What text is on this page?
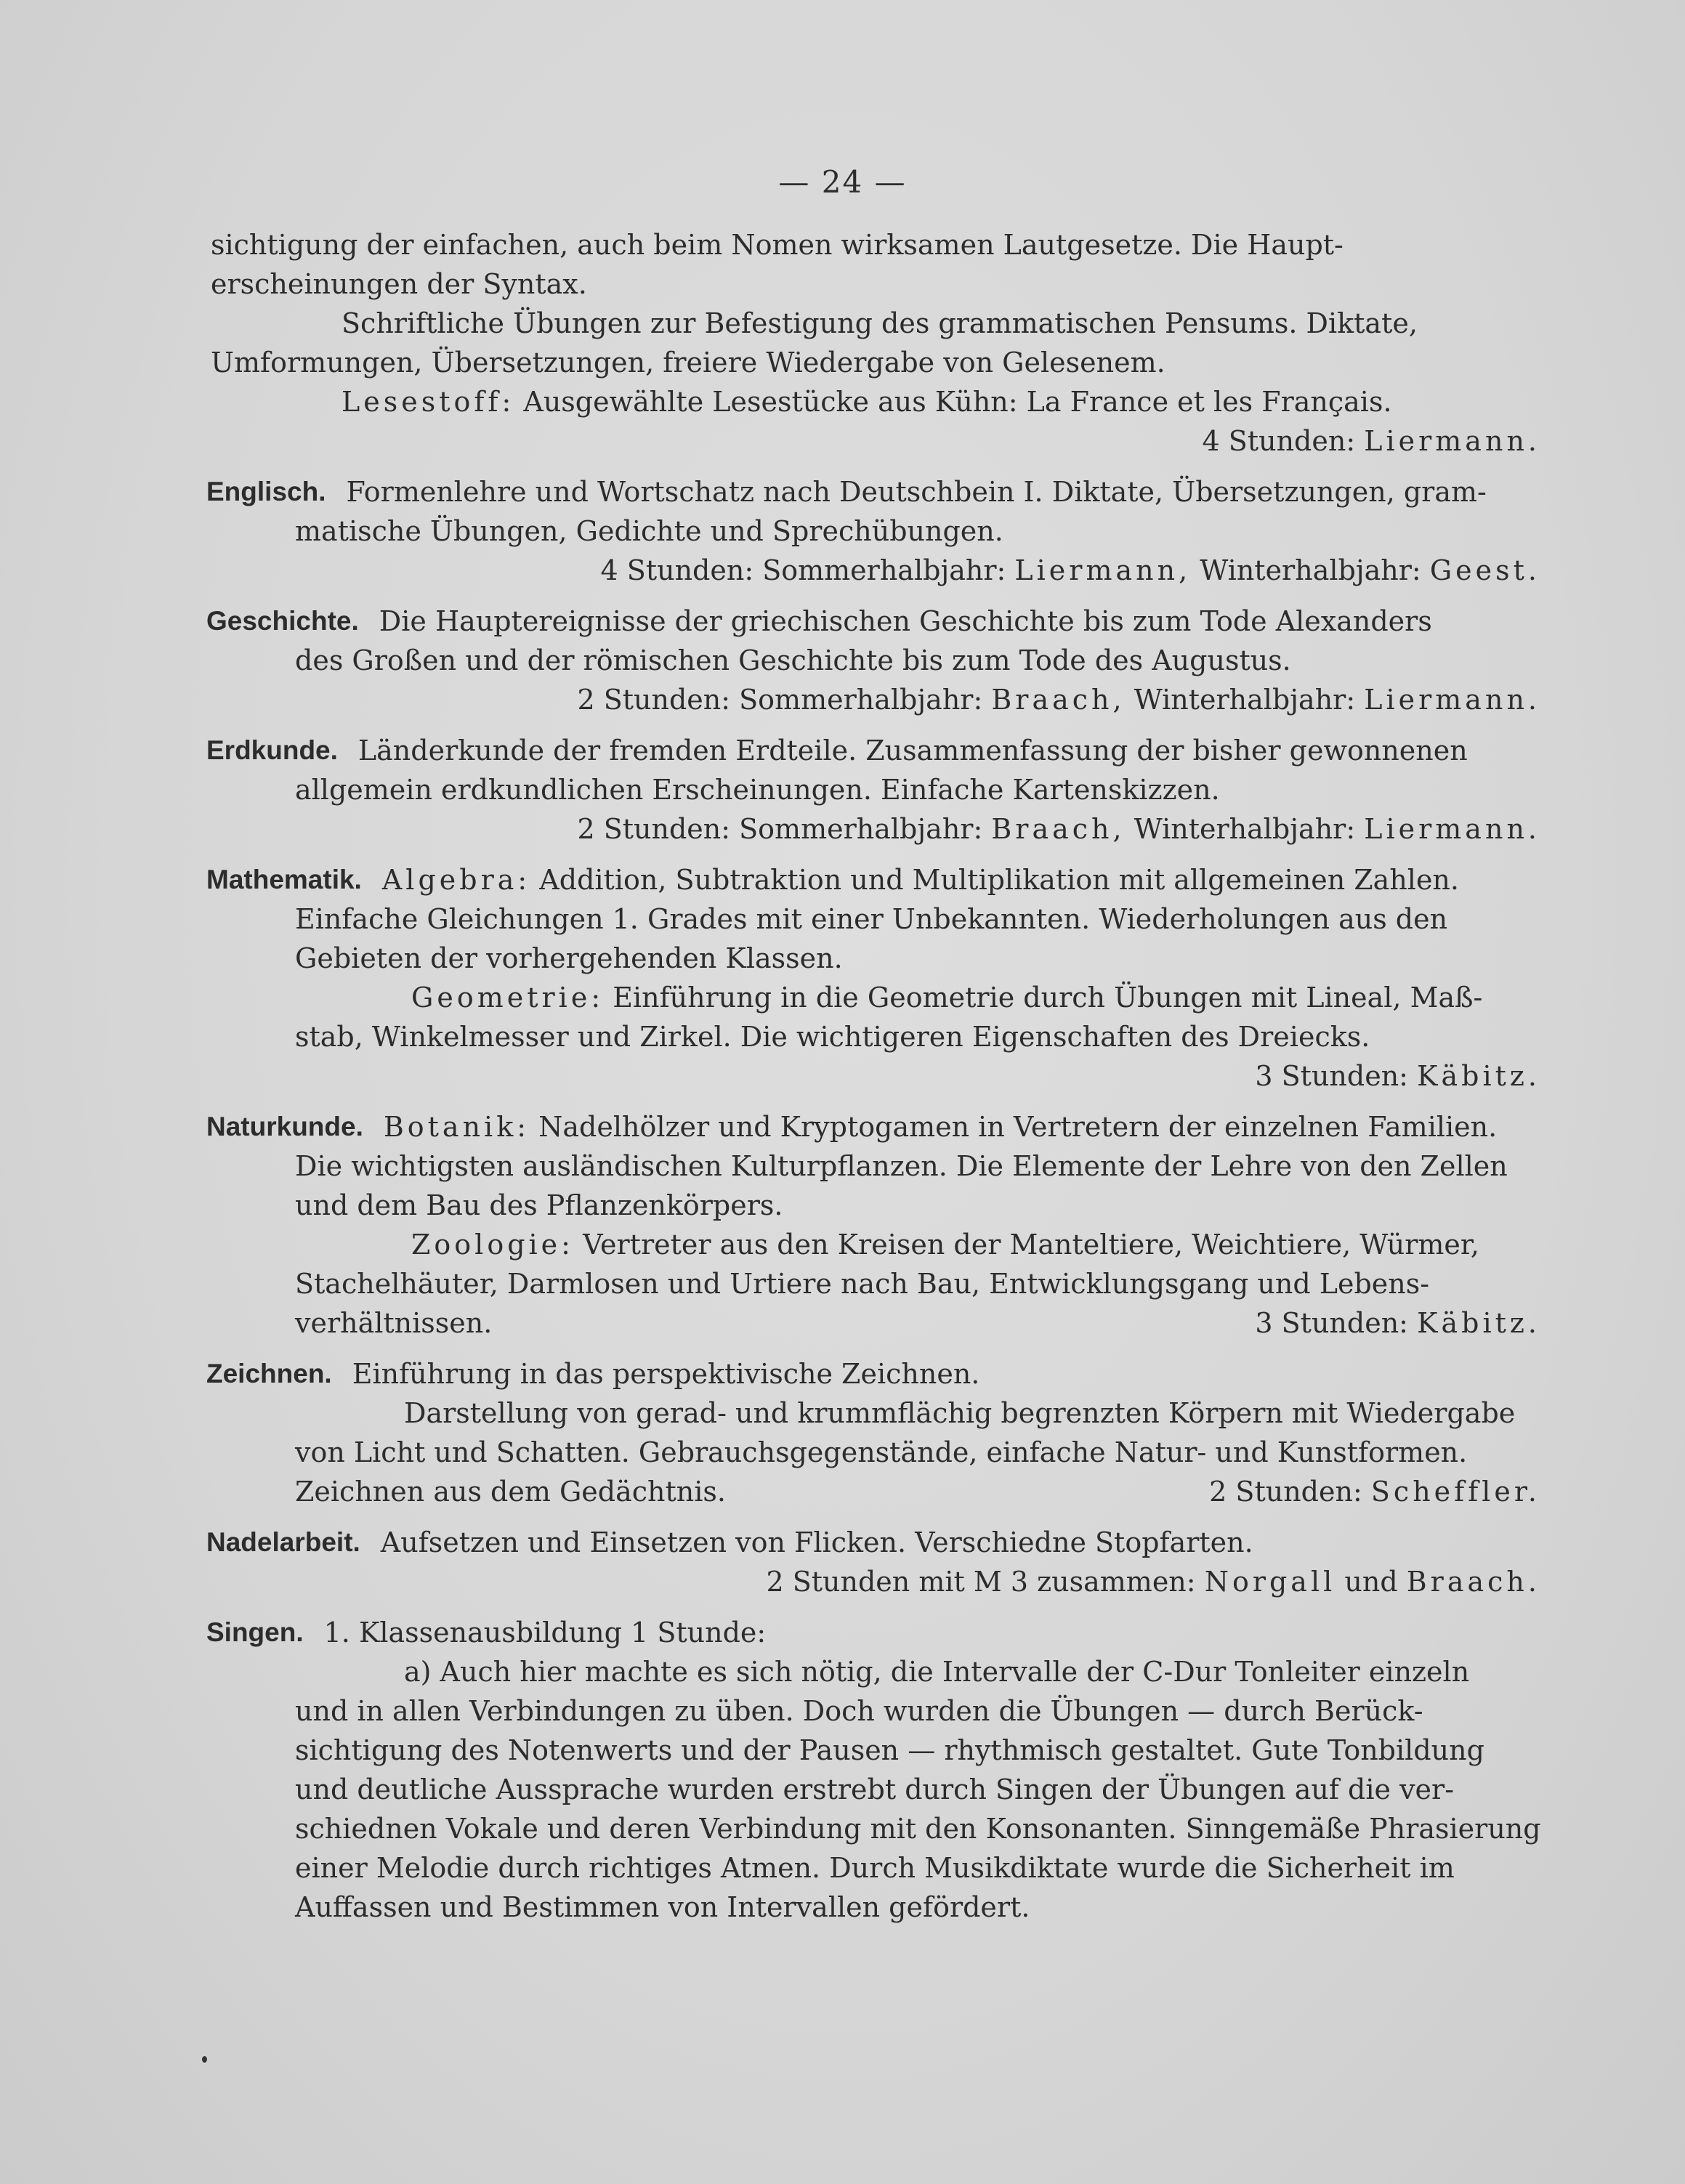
— 24 —
sichtigung der einfachen, auch beim Nomen wirksamen Lautgesetze. Die Haupt-
erscheinungen der Syntax.
Schriftliche Übungen zur Befestigung des grammatischen Pensums. Diktate,
Umformungen, Übersetzungen, freiere Wiedergabe von Gelesenem.
Lesestoff:
Ausgewählte Lesestücke aus Kühn: La France et les Français.
4 Stunden:
Liermann.
Englisch. Formenlehre und Wortschatz nach Deutschbein I. Diktate, Übersetzungen, gram-
matische Übungen, Gedichte und Sprechübungen.
4 Stunden: Sommerhalbjahr:
Liermann,
Winterhalbjahr:
Geest.
Geschichte. Die Hauptereignisse der griechischen Geschichte bis zum Tode Alexanders
des Großen und der römischen Geschichte bis zum Tode des Augustus.
2 Stunden: Sommerhalbjahr:
Braach,
Winterhalbjahr:
Liermann.
Erdkunde. Länderkunde der fremden Erdteile. Zusammenfassung der bisher gewonnenen
allgemein erdkundlichen Erscheinungen. Einfache Kartenskizzen.
2 Stunden: Sommerhalbjahr:
Braach,
Winterhalbjahr:
Liermann.
Mathematik. Algebra:
Addition, Subtraktion und Multiplikation mit allgemeinen Zahlen.
Einfache Gleichungen 1. Grades mit einer Unbekannten. Wiederholungen aus den
Gebieten der vorhergehenden Klassen.
Geometrie:
Einführung in die Geometrie durch Übungen mit Lineal, Maß-
stab, Winkelmesser und Zirkel. Die wichtigeren Eigenschaften des Dreiecks.
3 Stunden:
Käbitz.
Naturkunde. Botanik:
Nadelhölzer und Kryptogamen in Vertretern der einzelnen Familien.
Die wichtigsten ausländischen Kulturpflanzen. Die Elemente der Lehre von den Zellen
und dem Bau des Pflanzenkörpers.
Zoologie:
Vertreter aus den Kreisen der Manteltiere, Weichtiere, Würmer,
Stachelhäuter, Darmlosen und Urtiere nach Bau, Entwicklungsgang und Lebens-
verhältnissen.	3 Stunden: Käbitz.
Zeichnen. Einführung in das perspektivische Zeichnen.
Darstellung von gerad- und krummflächig begrenzten Körpern mit Wiedergabe
von Licht und Schatten. Gebrauchsgegenstände, einfache Natur- und Kunstformen.
Zeichnen aus dem Gedächtnis.	2 Stunden: Scheffler.
Nadelarbeit. Aufsetzen und Einsetzen von Flicken. Verschiedne Stopfarten.
2 Stunden mit M 3 zusammen:
Norgall
und
Braach.
Singen. 1. Klassenausbildung 1 Stunde:
a) Auch hier machte es sich nötig, die Intervalle der C-Dur Tonleiter einzeln
und in allen Verbindungen zu üben. Doch wurden die Übungen — durch Berück-
sichtigung des Notenwerts und der Pausen — rhythmisch gestaltet. Gute Tonbildung
und deutliche Aussprache wurden erstrebt durch Singen der Übungen auf die ver-
schiednen Vokale und deren Verbindung mit den Konsonanten. Sinngemäße Phrasierung
einer Melodie durch richtiges Atmen. Durch Musikdiktate wurde die Sicherheit im
Auffassen und Bestimmen von Intervallen gefördert.
